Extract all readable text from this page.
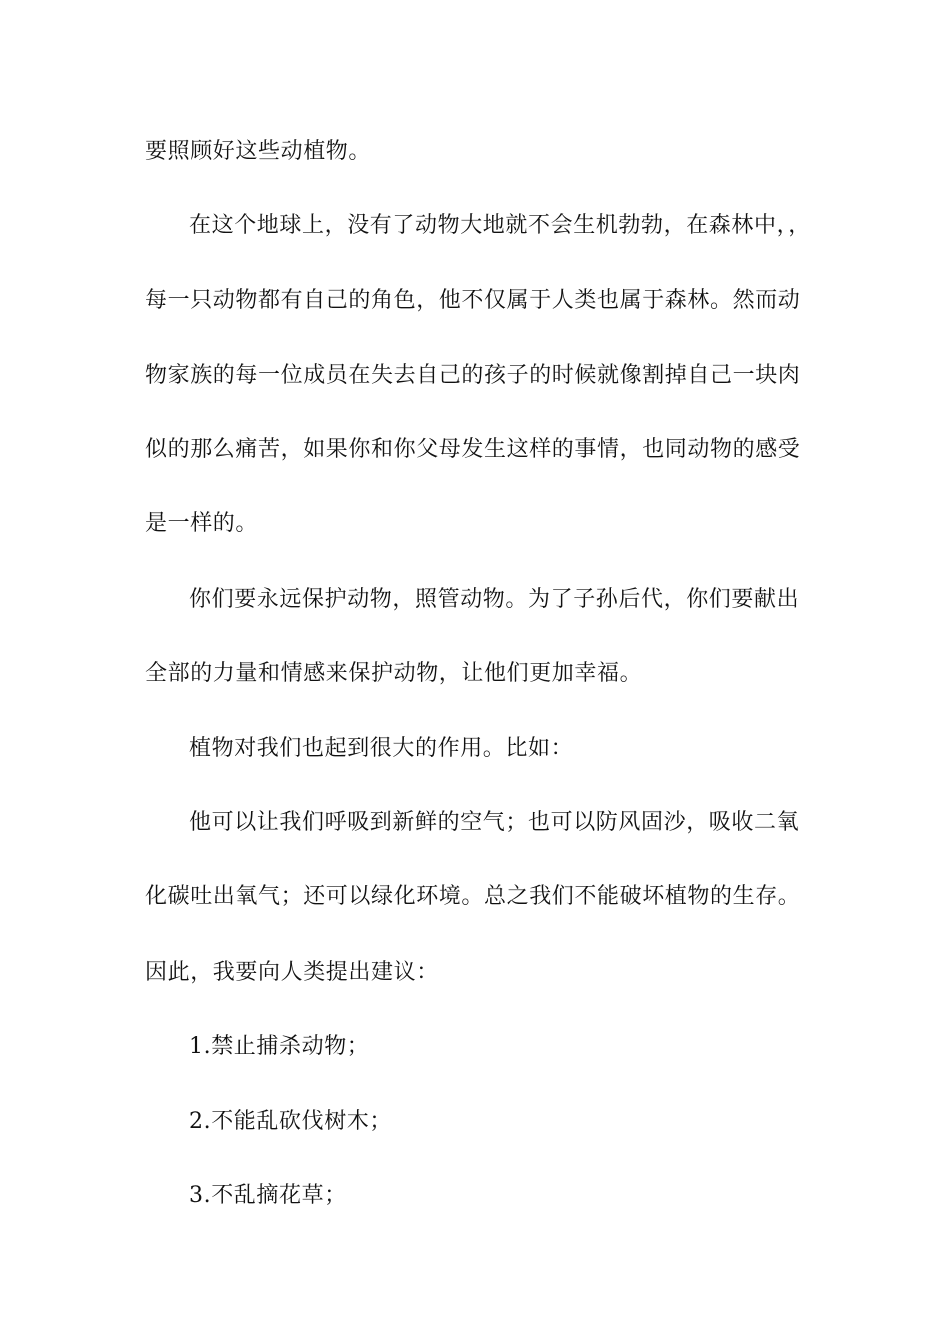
要照顾好这些动植物。
在这个地球上，没有了动物大地就不会生机勃勃，在森林中，，
每一只动物都有自己的角色，他不仅属于人类也属于森林。然而动
物家族的每一位成员在失去自己的孩子的时候就像割掉自己一块肉
似的那么痛苦，如果你和你父母发生这样的事情，也同动物的感受
是一样的。
你们要永远保护动物，照管动物。为了子孙后代，你们要献出
全部的力量和情感来保护动物，让他们更加幸福。
植物对我们也起到很大的作用。比如：
他可以让我们呼吸到新鲜的空气；也可以防风固沙，吸收二氧
化碳吐出氧气；还可以绿化环境。总之我们不能破坏植物的生存。
因此，我要向人类提出建议：
1.禁止捕杀动物；
2.不能乱砍伐树木；
3.不乱摘花草；
